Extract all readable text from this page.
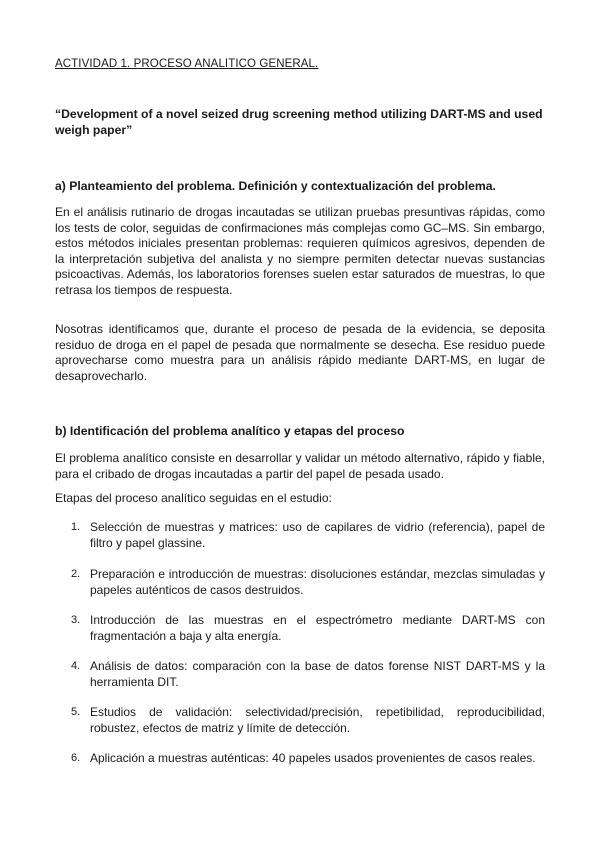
ACTIVIDAD 1. PROCESO ANALITICO GENERAL.
“Development of a novel seized drug screening method utilizing DART-MS and used weigh paper”
a) Planteamiento del problema. Definición y contextualización del problema.
En el análisis rutinario de drogas incautadas se utilizan pruebas presuntivas rápidas, como los tests de color, seguidas de confirmaciones más complejas como GC–MS. Sin embargo, estos métodos iniciales presentan problemas: requieren químicos agresivos, dependen de la interpretación subjetiva del analista y no siempre permiten detectar nuevas sustancias psicoactivas. Además, los laboratorios forenses suelen estar saturados de muestras, lo que retrasa los tiempos de respuesta.
Nosotras identificamos que, durante el proceso de pesada de la evidencia, se deposita residuo de droga en el papel de pesada que normalmente se desecha. Ese residuo puede aprovecharse como muestra para un análisis rápido mediante DART-MS, en lugar de desaprovecharlo.
b) Identificación del problema analítico y etapas del proceso
El problema analítico consiste en desarrollar y validar un método alternativo, rápido y fiable, para el cribado de drogas incautadas a partir del papel de pesada usado.
Etapas del proceso analítico seguidas en el estudio:
1. Selección de muestras y matrices: uso de capilares de vidrio (referencia), papel de filtro y papel glassine.
2. Preparación e introducción de muestras: disoluciones estándar, mezclas simuladas y papeles auténticos de casos destruidos.
3. Introducción de las muestras en el espectrómetro mediante DART-MS con fragmentación a baja y alta energía.
4. Análisis de datos: comparación con la base de datos forense NIST DART-MS y la herramienta DIT.
5. Estudios de validación: selectividad/precisión, repetibilidad, reproducibilidad, robustez, efectos de matriz y límite de detección.
6. Aplicación a muestras auténticas: 40 papeles usados provenientes de casos reales.
